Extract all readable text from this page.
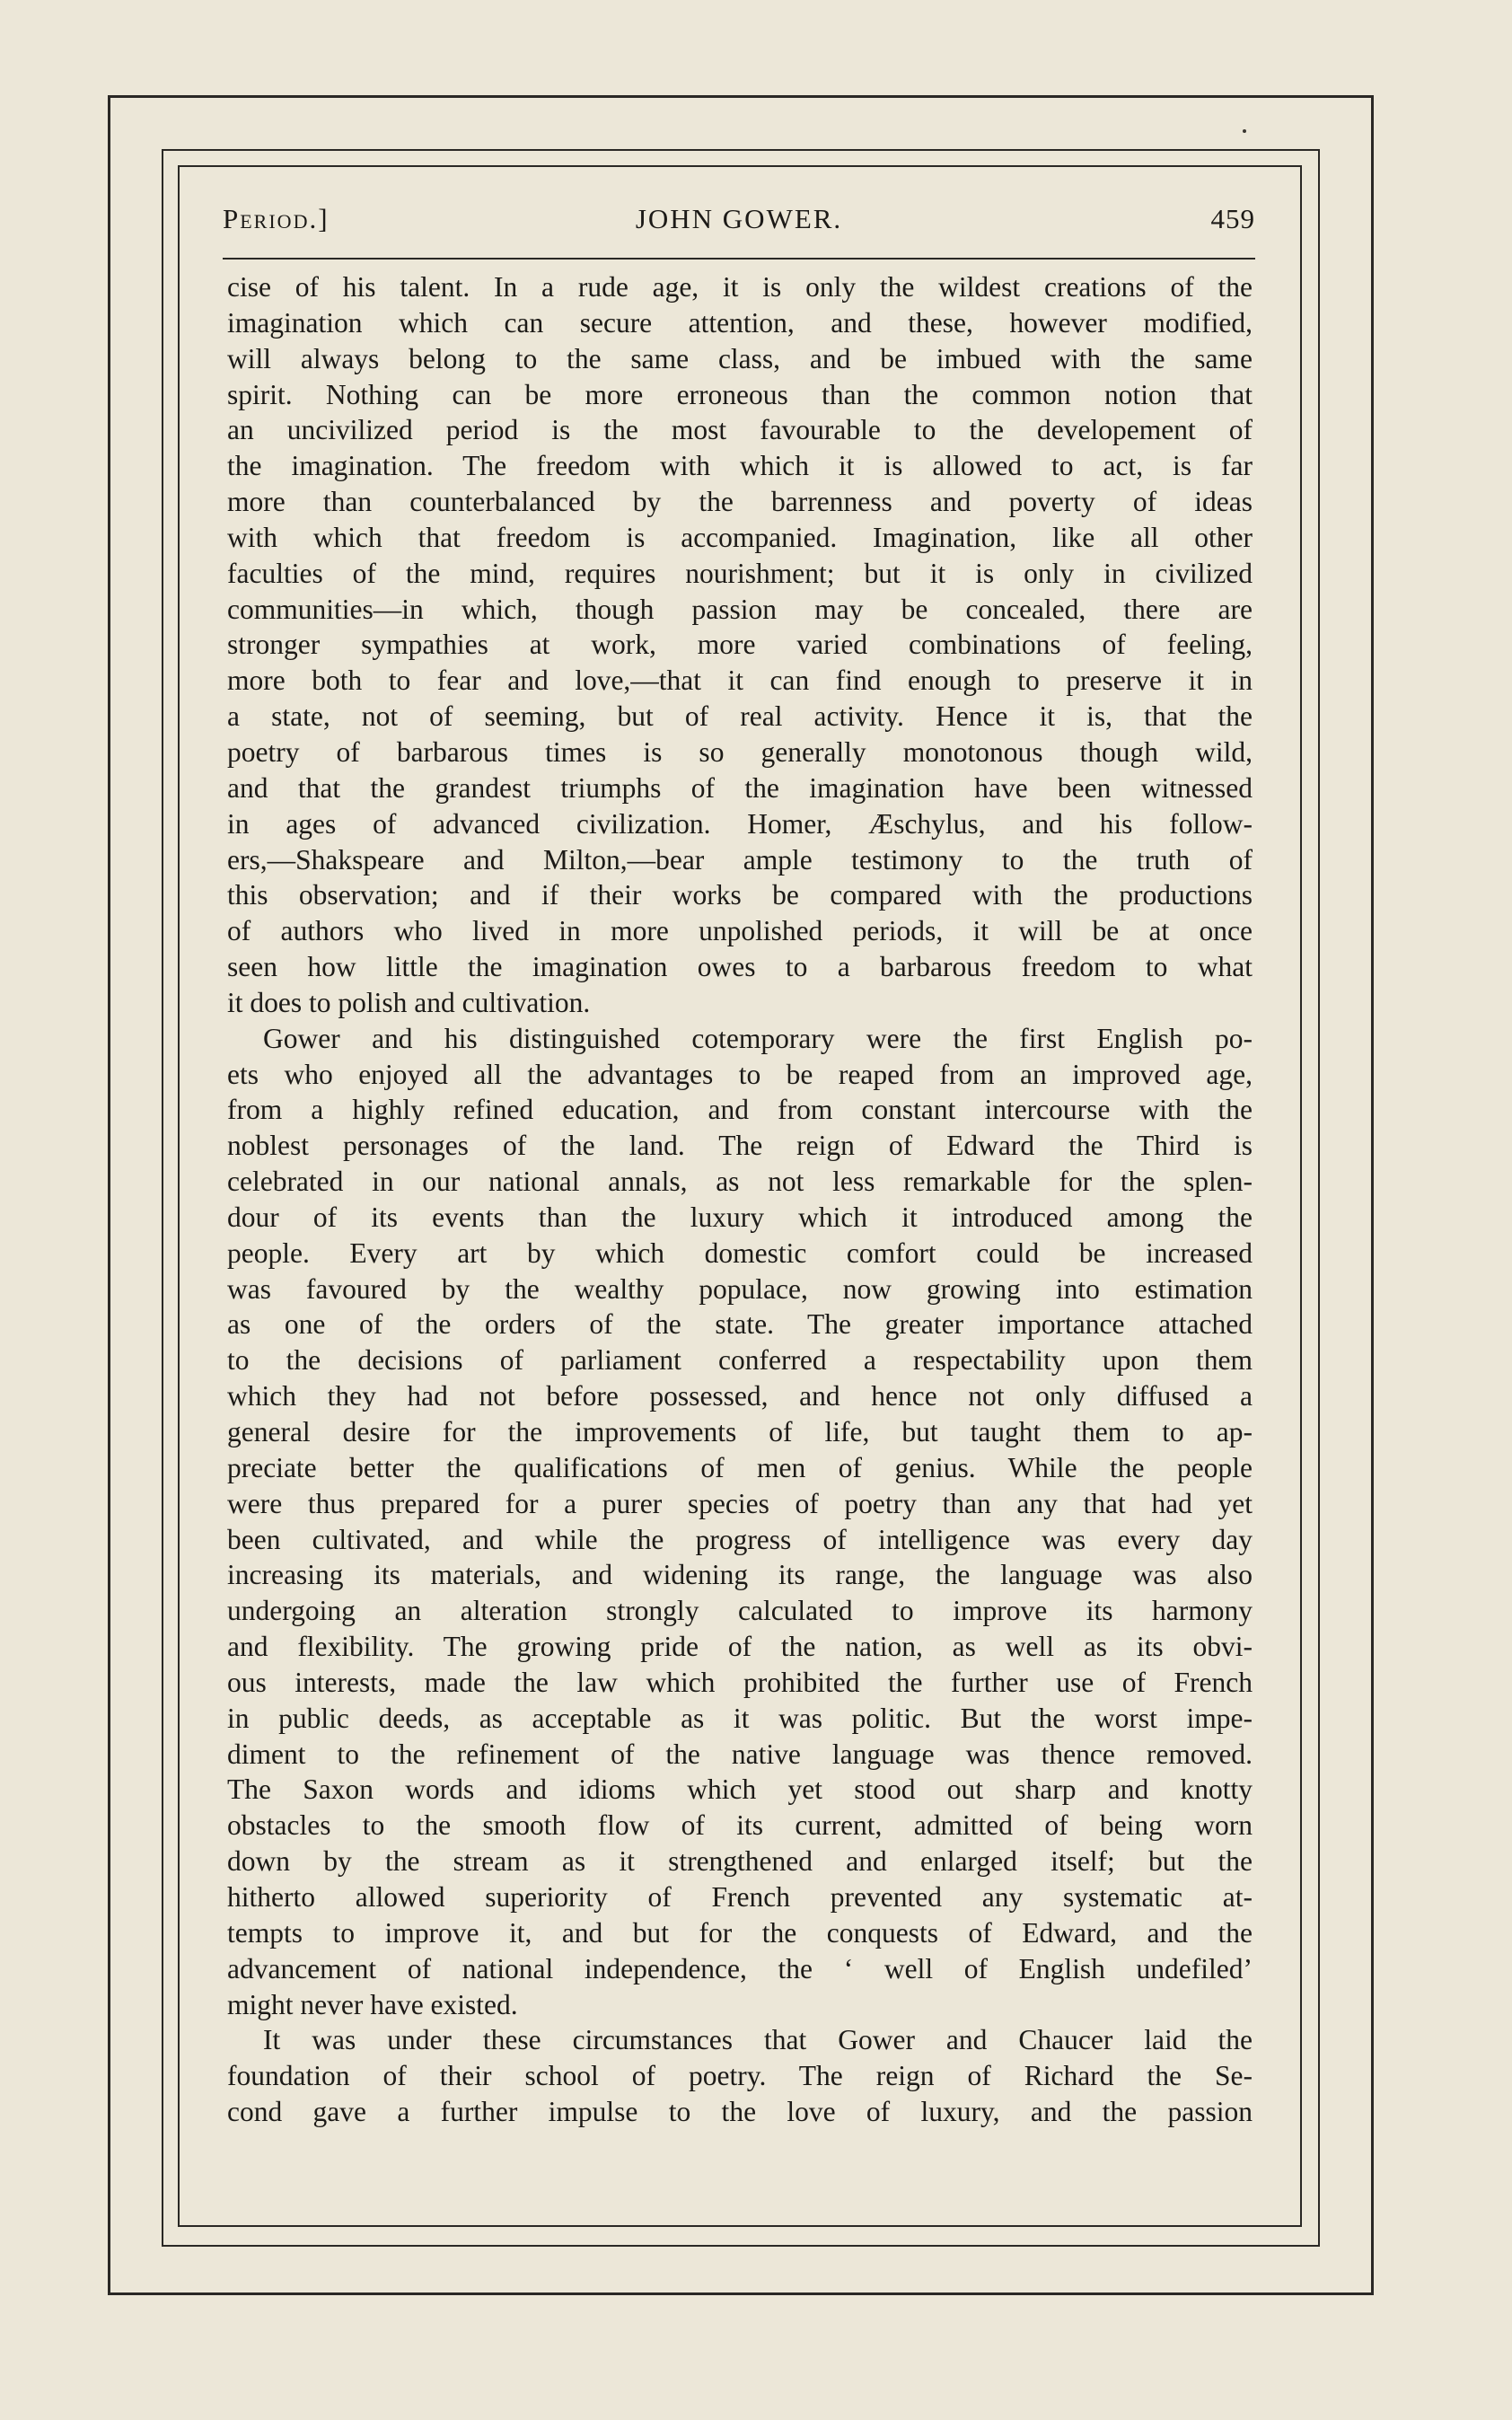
Period.]	JOHN GOWER.	459
cise of his talent. In a rude age, it is only the wildest creations of the
imagination which can secure attention, and these, however modified,
will always belong to the same class, and be imbued with the same
spirit. Nothing can be more erroneous than the common notion that
an uncivilized period is the most favourable to the developement of
the imagination. The freedom with which it is allowed to act, is far
more than counterbalanced by the barrenness and poverty of ideas
with which that freedom is accompanied. Imagination, like all other
faculties of the mind, requires nourishment; but it is only in civilized
communities—in which, though passion may be concealed, there are
stronger sympathies at work, more varied combinations of feeling,
more both to fear and love,—that it can find enough to preserve it in
a state, not of seeming, but of real activity. Hence it is, that the
poetry of barbarous times is so generally monotonous though wild,
and that the grandest triumphs of the imagination have been witnessed
in ages of advanced civilization. Homer, Æschylus, and his follow-
ers,—Shakspeare and Milton,—bear ample testimony to the truth of
this observation; and if their works be compared with the productions
of authors who lived in more unpolished periods, it will be at once
seen how little the imagination owes to a barbarous freedom to what
it does to polish and cultivation.
Gower and his distinguished cotemporary were the first English po-
ets who enjoyed all the advantages to be reaped from an improved age,
from a highly refined education, and from constant intercourse with the
noblest personages of the land. The reign of Edward the Third is
celebrated in our national annals, as not less remarkable for the splen-
dour of its events than the luxury which it introduced among the
people. Every art by which domestic comfort could be increased
was favoured by the wealthy populace, now growing into estimation
as one of the orders of the state. The greater importance attached
to the decisions of parliament conferred a respectability upon them
which they had not before possessed, and hence not only diffused a
general desire for the improvements of life, but taught them to ap-
preciate better the qualifications of men of genius. While the people
were thus prepared for a purer species of poetry than any that had yet
been cultivated, and while the progress of intelligence was every day
increasing its materials, and widening its range, the language was also
undergoing an alteration strongly calculated to improve its harmony
and flexibility. The growing pride of the nation, as well as its obvi-
ous interests, made the law which prohibited the further use of French
in public deeds, as acceptable as it was politic. But the worst impe-
diment to the refinement of the native language was thence removed.
The Saxon words and idioms which yet stood out sharp and knotty
obstacles to the smooth flow of its current, admitted of being worn
down by the stream as it strengthened and enlarged itself; but the
hitherto allowed superiority of French prevented any systematic at-
tempts to improve it, and but for the conquests of Edward, and the
advancement of national independence, the ‘ well of English undefiled’
might never have existed.
It was under these circumstances that Gower and Chaucer laid the
foundation of their school of poetry. The reign of Richard the Se-
cond gave a further impulse to the love of luxury, and the passion
